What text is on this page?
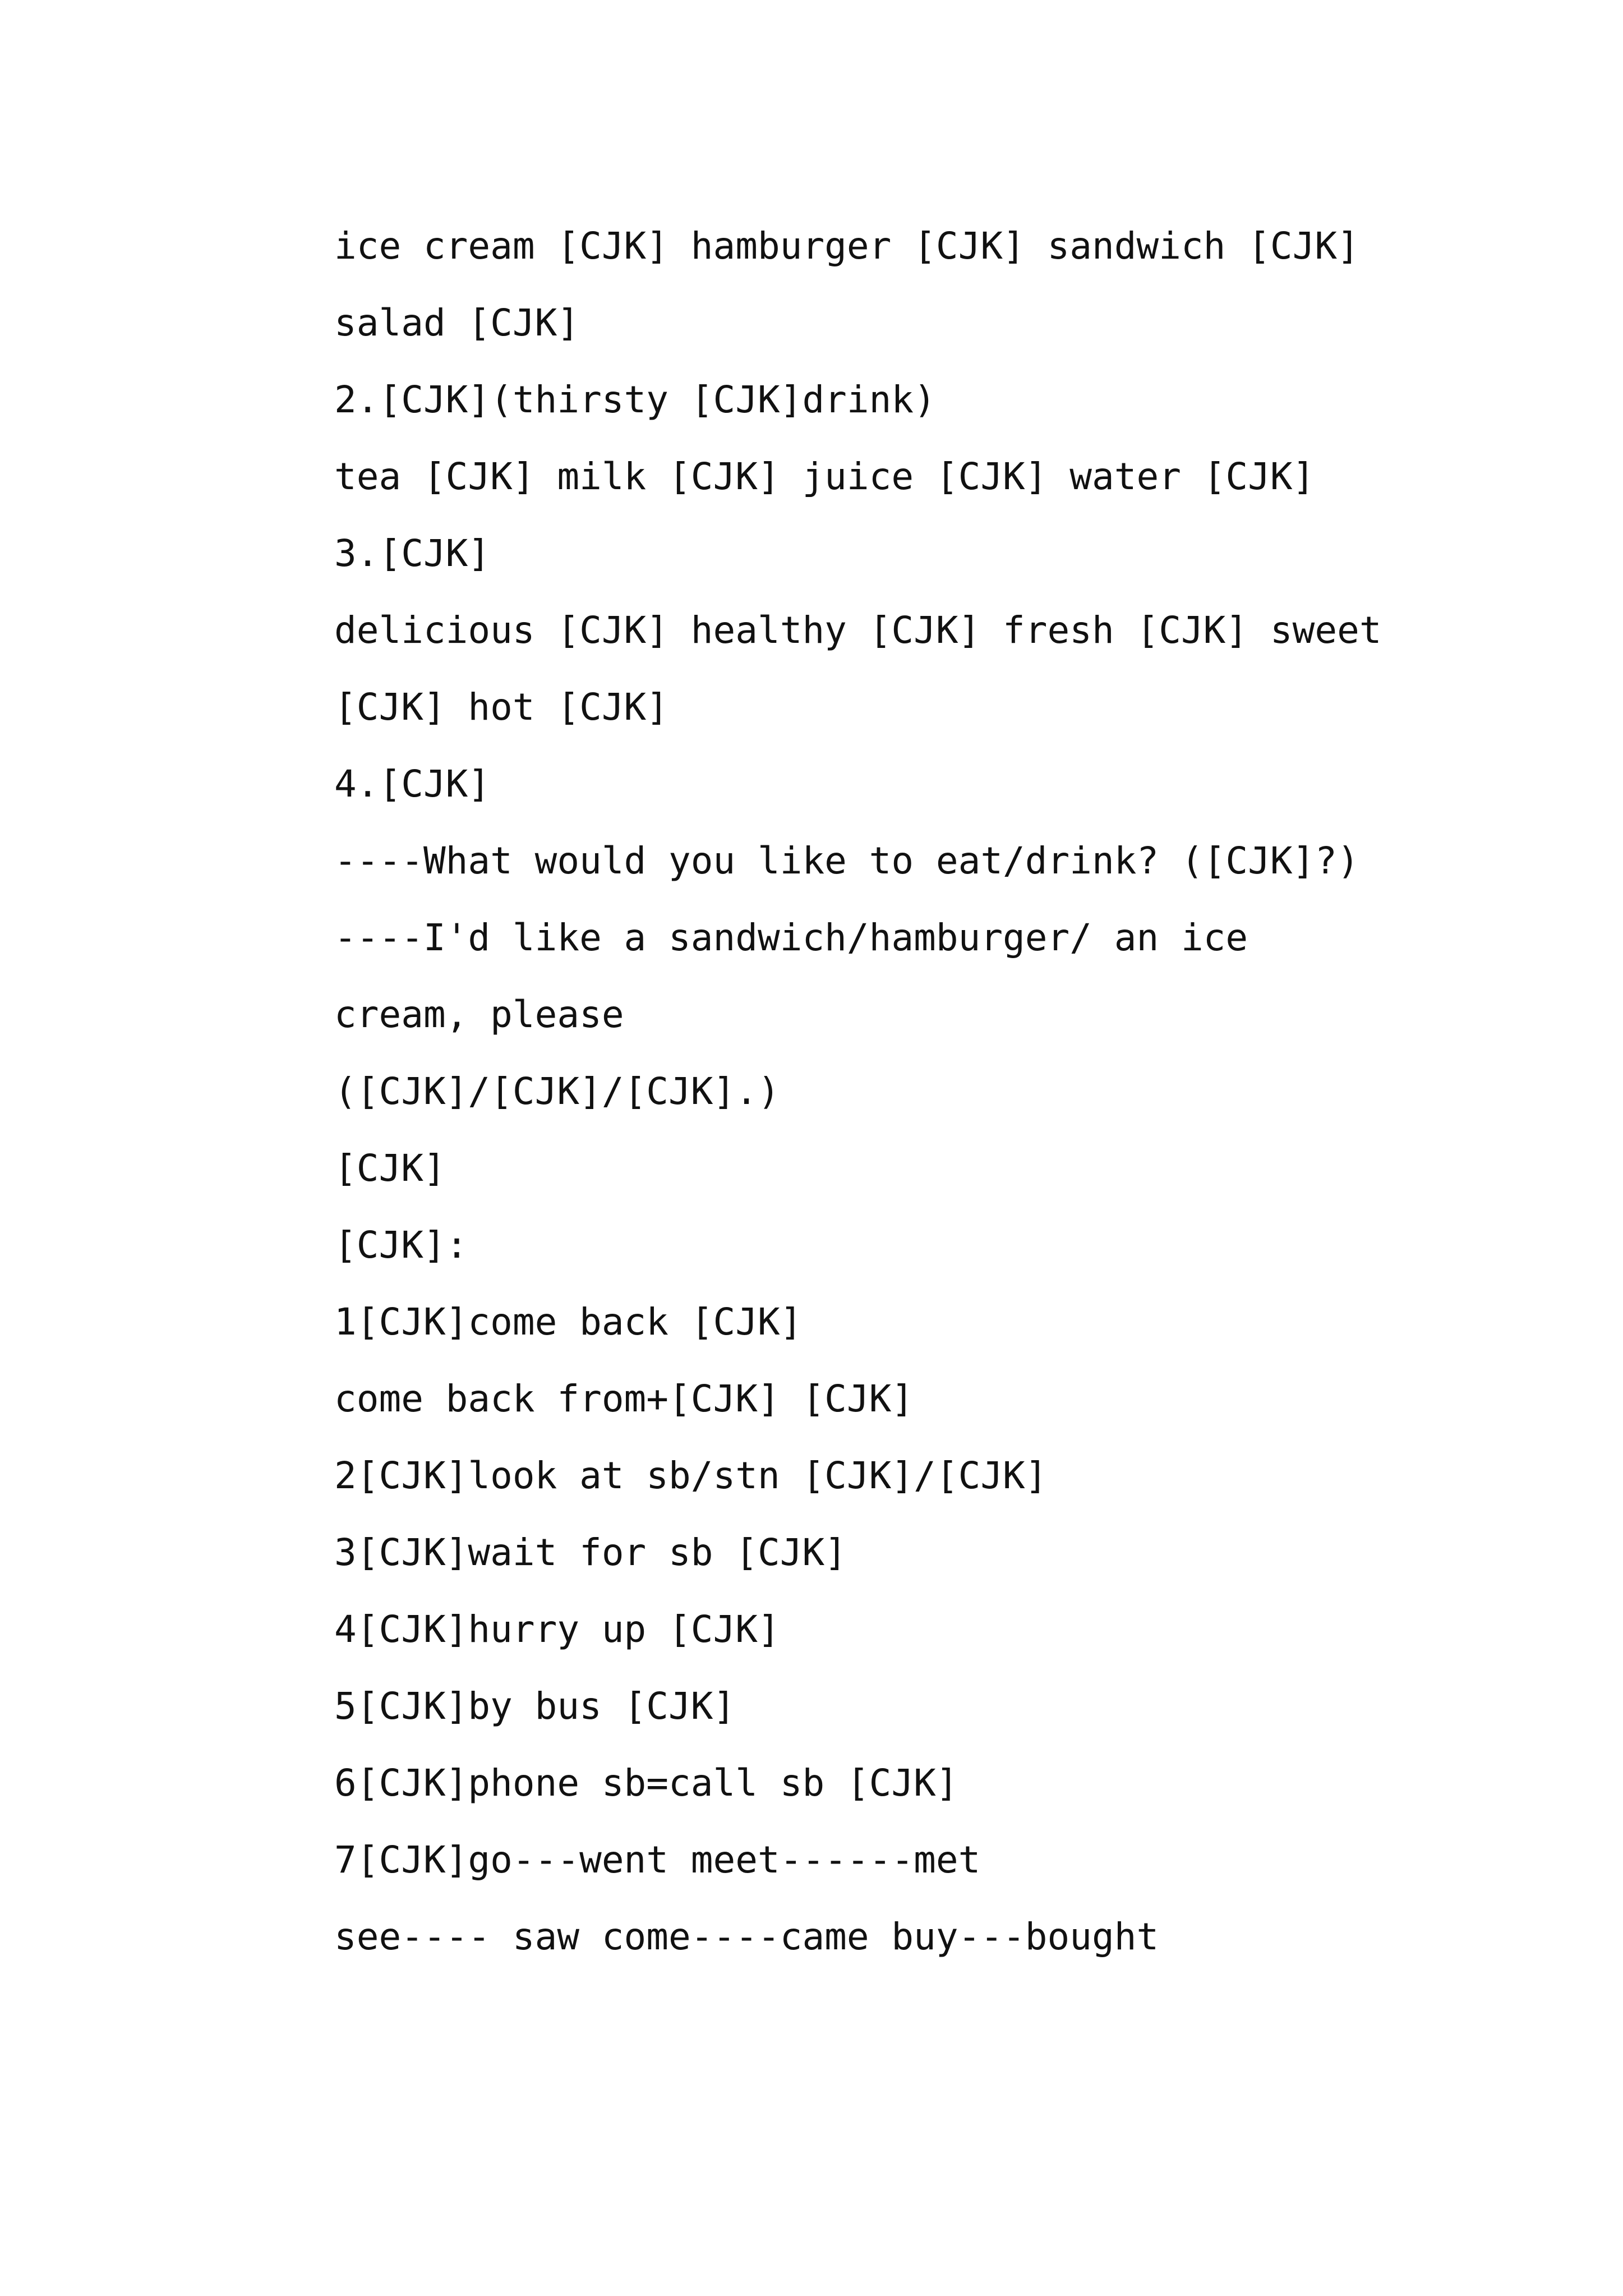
ice cream [CJK] hamburger [CJK] sandwich [CJK] salad [CJK]
2.[CJK](thirsty [CJK]drink)
tea [CJK] milk [CJK] juice [CJK] water [CJK]
3.[CJK]
delicious [CJK] healthy [CJK] fresh [CJK] sweet [CJK] hot [CJK]
4.[CJK]
----What would you like to eat/drink? ([CJK]?)
----I'd like a sandwich/hamburger/ an ice cream, please
([CJK]/[CJK]/[CJK].)
[CJK]
[CJK]:
1[CJK]come back [CJK]
come back from+[CJK] [CJK]
2[CJK]look at sb/stn [CJK]/[CJK]
3[CJK]wait for sb [CJK]
4[CJK]hurry up [CJK]
5[CJK]by bus [CJK]
6[CJK]phone sb=call sb [CJK]
7[CJK]go---went meet------met
see---- saw come----came buy---bought
